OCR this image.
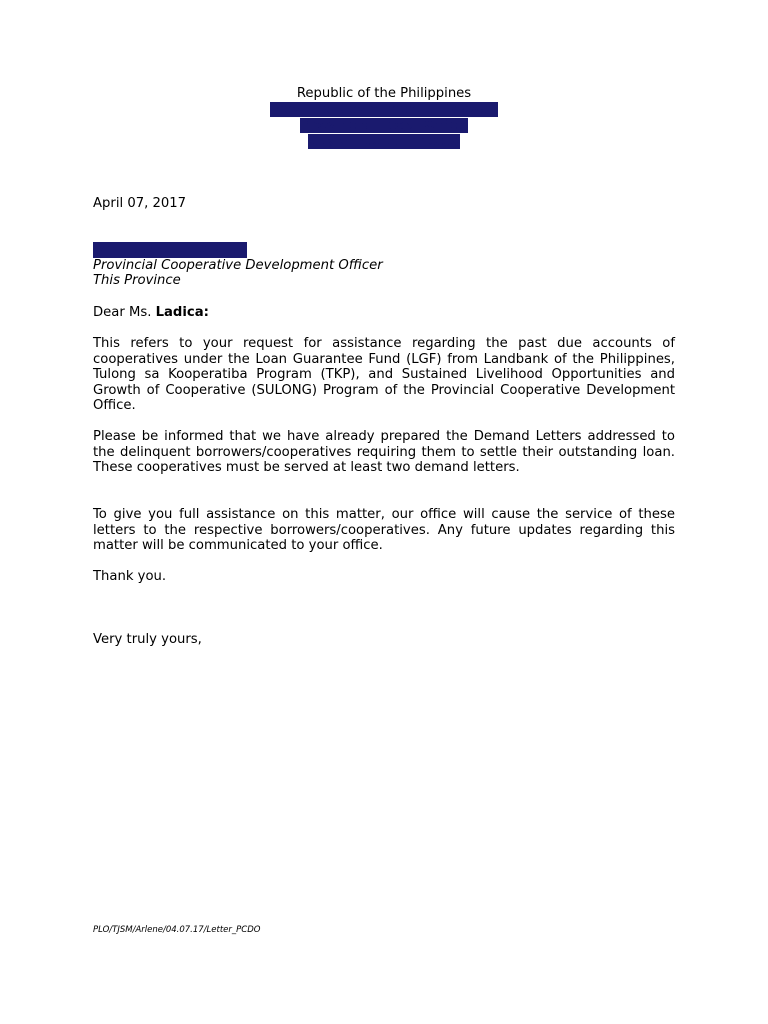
Republic of the Philippines
Provincial Government of Palawan
Provincial Legal Office
City of Puerto Princesa
April 07, 2017
Ms. LORIA L. LADICA
Provincial Cooperative Development Officer
This Province
Dear Ms. Ladica:
This refers to your request for assistance regarding the past due accounts of cooperatives under the Loan Guarantee Fund (LGF) from Landbank of the Philippines, Tulong sa Kooperatiba Program (TKP), and Sustained Livelihood Opportunities and Growth of Cooperative (SULONG) Program of the Provincial Cooperative Development Office.
Please be informed that we have already prepared the Demand Letters addressed to the delinquent borrowers/cooperatives requiring them to settle their outstanding loan. These cooperatives must be served at least two demand letters.
To give you full assistance on this matter, our office will cause the service of these letters to the respective borrowers/cooperatives. Any future updates regarding this matter will be communicated to your office.
Thank you.
Very truly yours,
PLO/TJSM/Arlene/04.07.17/Letter_PCDO
